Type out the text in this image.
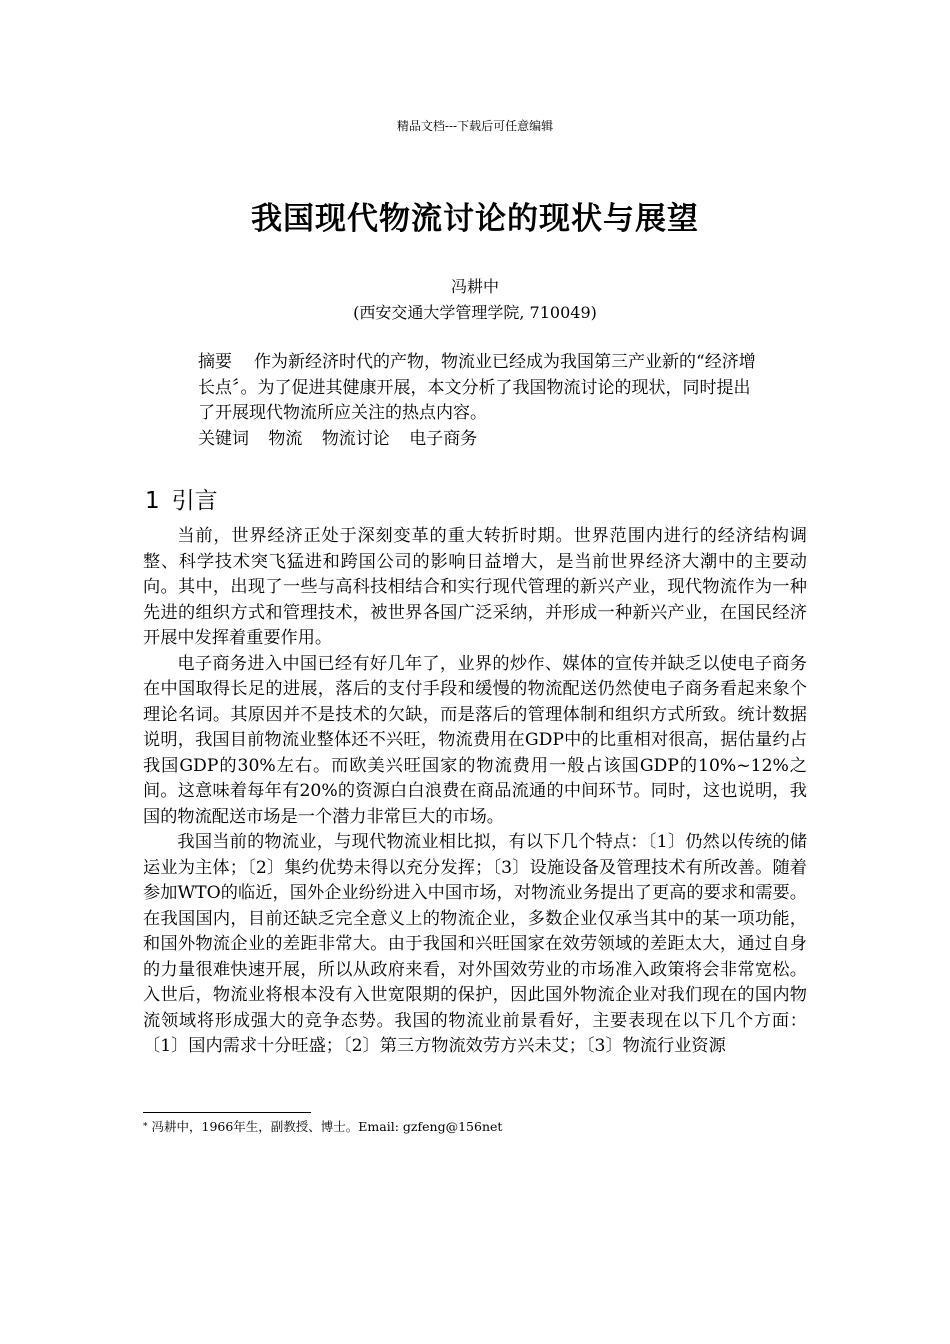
精品文档---下载后可任意编辑
我国现代物流讨论的现状与展望
冯耕中
(西安交通大学管理学院, 710049)
摘要 作为新经济时代的产物，物流业已经成为我国第三产业新的“经济增长点〞。为了促进其健康开展，本文分析了我国物流讨论的现状，同时提出了开展现代物流所应关注的热点内容。
关键词 物流 物流讨论 电子商务
1 引言

当前，世界经济正处于深刻变革的重大转折时期。世界范围内进行的经济结构调整、科学技术突飞猛进和跨国公司的影响日益增大，是当前世界经济大潮中的主要动向。其中，出现了一些与高科技相结合和实行现代管理的新兴产业，现代物流作为一种先进的组织方式和管理技术，被世界各国广泛采纳，并形成一种新兴产业，在国民经济开展中发挥着重要作用。

电子商务进入中国已经有好几年了，业界的炒作、媒体的宣传并缺乏以使电子商务在中国取得长足的进展，落后的支付手段和缓慢的物流配送仍然使电子商务看起来象个理论名词。其原因并不是技术的欠缺，而是落后的管理体制和组织方式所致。统计数据说明，我国目前物流业整体还不兴旺，物流费用在GDP中的比重相对很高，据估量约占我国GDP的30%左右。而欧美兴旺国家的物流费用一般占该国GDP的10%~12%之间。这意味着每年有20%的资源白白浪费在商品流通的中间环节。同时，这也说明，我国的物流配送市场是一个潜力非常巨大的市场。

我国当前的物流业，与现代物流业相比拟，有以下几个特点：〔1〕仍然以传统的储运业为主体；〔2〕集约优势未得以充分发挥；〔3〕设施设备及管理技术有所改善。随着参加WTO的临近，国外企业纷纷进入中国市场，对物流业务提出了更高的要求和需要。在我国国内，目前还缺乏完全意义上的物流企业，多数企业仅承当其中的某一项功能，和国外物流企业的差距非常大。由于我国和兴旺国家在效劳领域的差距太大，通过自身的力量很难快速开展，所以从政府来看，对外国效劳业的市场准入政策将会非常宽松。入世后，物流业将根本没有入世宽限期的保护，因此国外物流企业对我们现在的国内物流领域将形成强大的竞争态势。我国的物流业前景看好，主要表现在以下几个方面：〔1〕国内需求十分旺盛；〔2〕第三方物流效劳方兴未艾；〔3〕物流行业资源

* 冯耕中，1966年生，副教授、博士。Email: gzfeng@156net
